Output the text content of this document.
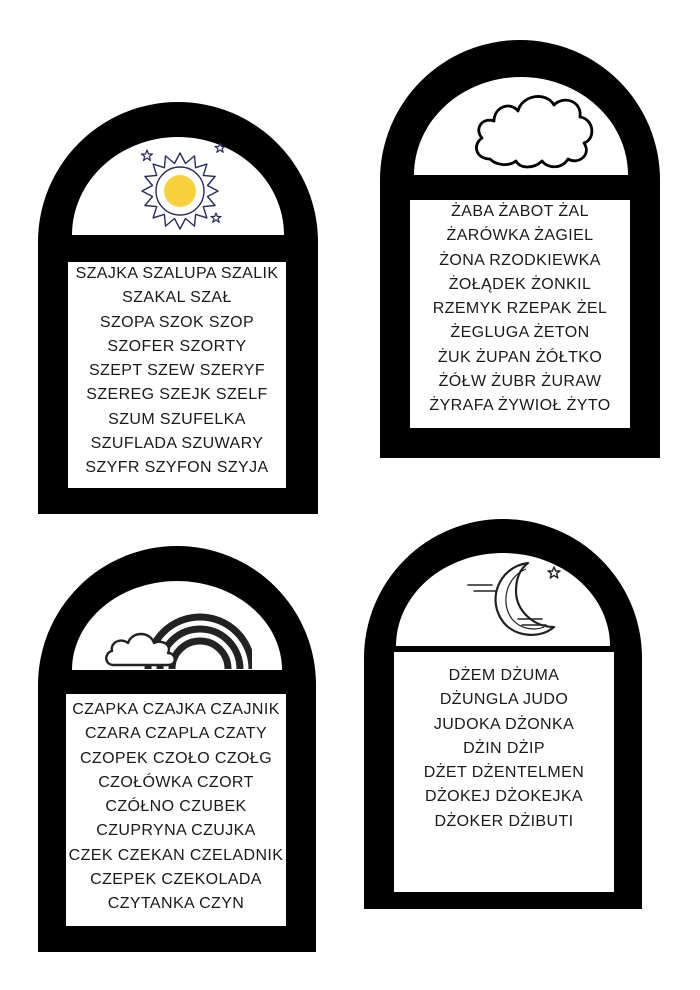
SZAJKA SZALUPA SZALIK
SZAKAL SZAŁ
SZOPA SZOK SZOP
SZOFER SZORTY
SZEPT SZEW SZERYF
SZEREG SZEJK SZELF
SZUM SZUFELKA
SZUFLADA SZUWARY
SZYFR SZYFON SZYJA
ŻABA ŻABOT ŻAL
ŻARÓWKA ŻAGIEL
ŻONA RZODKIEWKA
ŻOŁĄDEK ŻONKIL
RZEMYK RZEPAK ŻEL
ŻEGLUGA ŻETON
ŻUK ŻUPAN ŻÓŁTKO
ŻÓŁW ŻUBR ŻURAW
ŻYRAFA ŻYWIOŁ ŻYTO
CZAPKA CZAJKA CZAJNIK
CZARA CZAPLA CZATY
CZOPEK CZOŁO CZOŁG
CZOŁÓWKA CZORT
CZÓŁNO CZUBEK
CZUPRYNA CZUJKA
CZEK CZEKAN CZELADNIK
CZEPEK CZEKOLADA
CZYTANKA CZYN
DŻEM DŻUMA
DŻUNGLA JUDO
JUDOKA DŻONKA
DŻIN DŻIP
DŻET DŻENTELMEN
DŻOKEJ DŻOKEJKA
DŻOKER DŻIBUTI
